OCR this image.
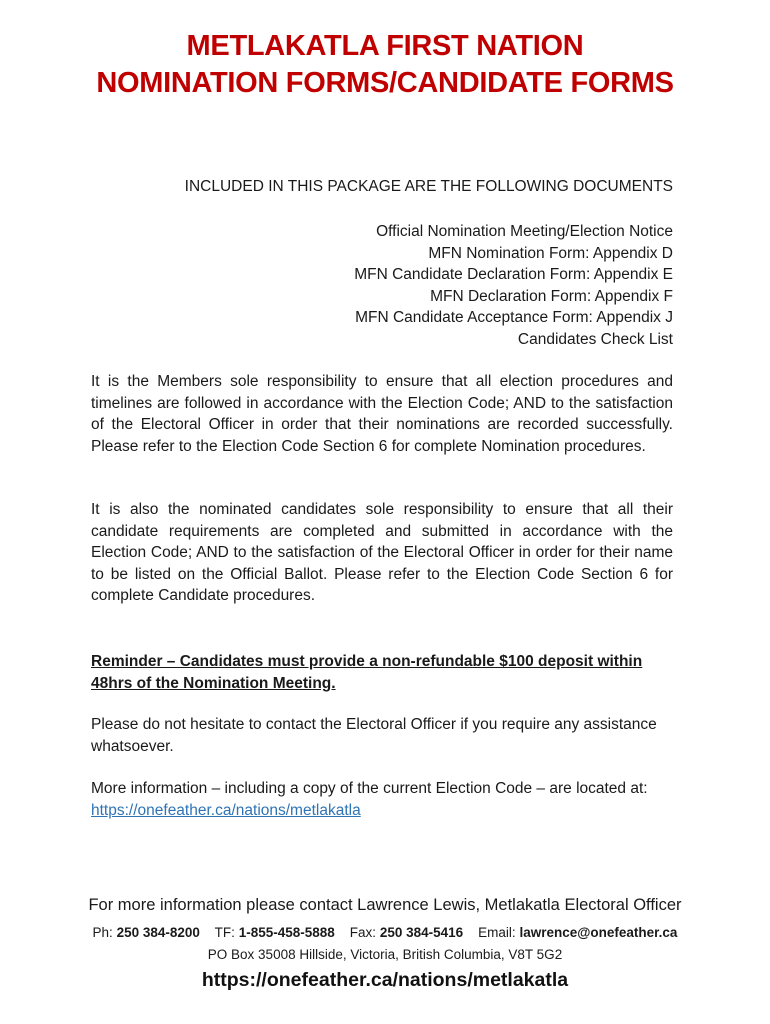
METLAKATLA FIRST NATION
NOMINATION FORMS/CANDIDATE FORMS
INCLUDED IN THIS PACKAGE ARE THE FOLLOWING DOCUMENTS
Official Nomination Meeting/Election Notice
MFN Nomination Form: Appendix D
MFN Candidate Declaration Form: Appendix E
MFN Declaration Form: Appendix F
MFN Candidate Acceptance Form: Appendix J
Candidates Check List

It is the Members sole responsibility to ensure that all election procedures and timelines are followed in accordance with the Election Code; AND to the satisfaction of the Electoral Officer in order that their nominations are recorded successfully. Please refer to the Election Code Section 6 for complete Nomination procedures.

It is also the nominated candidates sole responsibility to ensure that all their candidate requirements are completed and submitted in accordance with the Election Code; AND to the satisfaction of the Electoral Officer in order for their name to be listed on the Official Ballot. Please refer to the Election Code Section 6 for complete Candidate procedures.

Reminder – Candidates must provide a non-refundable $100 deposit within 48hrs of the Nomination Meeting.

Please do not hesitate to contact the Electoral Officer if you require any assistance whatsoever.

More information – including a copy of the current Election Code – are located at: https://onefeather.ca/nations/metlakatla

For more information please contact Lawrence Lewis, Metlakatla Electoral Officer
Ph: 250 384-8200 TF: 1-855-458-5888 Fax: 250 384-5416 Email: lawrence@onefeather.ca
PO Box 35008 Hillside, Victoria, British Columbia, V8T 5G2
https://onefeather.ca/nations/metlakatla
